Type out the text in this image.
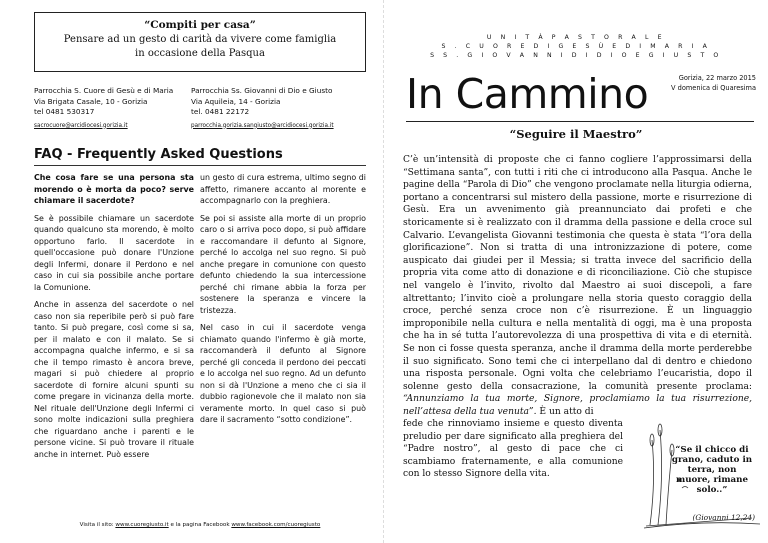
“Compiti per casa”
Pensare ad un gesto di carità da vivere come famiglia
in occasione della Pasqua
Parrocchia S. Cuore di Gesù e di Maria
Via Brigata Casale, 10 - Gorizia
tel 0481 530317
sacrocuore@arcidiocesi.gorizia.it
Parrocchia Ss. Giovanni di Dio e Giusto
Via Aquileia, 14 - Gorizia
tel. 0481 22172
parrocchia.gorizia.sangiusto@arcidiocesi.gorizia.it
FAQ - Frequently Asked Questions

Che cosa fare se una persona sta morendo o è morta da poco? serve chiamare il sacerdote?

Se è possibile chiamare un sacerdote quando qualcuno sta morendo, è molto opportuno farlo. Il sacerdote in quell'occasione può donare l'Unzione degli Infermi, donare il Perdono e nel caso in cui sia possibile anche portare la Comunione.

Anche in assenza del sacerdote o nel caso non sia reperibile però si può fare tanto. Si può pregare, così come si sa, per il malato e con il malato. Se si accompagna qualche infermo, e si sa che il tempo rimasto è ancora breve, magari si può chiedere al proprio sacerdote di fornire alcuni spunti su come pregare in vicinanza della morte. Nel rituale dell'Unzione degli Infermi ci sono molte indicazioni sulla preghiera che riguardano anche i parenti e le persone vicine. Si può trovare il rituale anche in internet. Può essere

un gesto di cura estrema, ultimo segno di affetto, rimanere accanto al morente e accompagnarlo con la preghiera.

Se poi si assiste alla morte di un proprio caro o si arriva poco dopo, si può affidare e raccomandare il defunto al Signore, perché lo accolga nel suo regno. Si può anche pregare in comunione con questo defunto chiedendo la sua intercessione perché chi rimane abbia la forza per sostenere la speranza e vincere la tristezza.

Nel caso in cui il sacerdote venga chiamato quando l'infermo è già morte, raccomanderà il defunto al Signore perché gli conceda il perdono dei peccati e lo accolga nel suo regno. Ad un defunto non si dà l'Unzione a meno che ci sia il dubbio ragionevole che il malato non sia veramente morto. In quel caso si può dare il sacramento “sotto condizione”.

Visita il sito: www.cuoregiusto.it e la pagina Facebook www.facebook.com/cuoregiusto
U N I T À P A S T O R A L E
S . C U O R E D I G E S Ù E D I M A R I A
S S . G I O V A N N I D I D I O E G I U S T O
In Cammino	Gorizia, 22 marzo 2015
V domenica di Quaresima
“Seguire il Maestro”
C’è un’intensità di proposte che ci fanno cogliere l’approssimarsi della “Settimana santa”, con tutti i riti che ci introducono alla Pasqua. Anche le pagine della “Parola di Dio” che vengono proclamate nella liturgia odierna, portano a concentrarsi sul mistero della passione, morte e risurrezione di Gesù. Era un avvenimento già preannunciato dai profeti e che storicamente si è realizzato con il dramma della passione e della croce sul Calvario. L’evangelista Giovanni testimonia che questa è stata “l’ora della glorificazione”. Non si tratta di una intronizzazione di potere, come auspicato dai giudei per il Messia; si tratta invece del sacrificio della propria vita come atto di donazione e di riconciliazione. Ciò che stupisce nel vangelo è l’invito, rivolto dal Maestro ai suoi discepoli, a fare altrettanto; l’invito cioè a prolungare nella storia questo coraggio della croce, perché senza croce non c’è risurrezione. È un linguaggio improponibile nella cultura e nella mentalità di oggi, ma è una proposta che ha in sé tutta l’autorevolezza di una prospettiva di vita e di eternità. Se non ci fosse questa speranza, anche il dramma della morte perderebbe il suo significato. Sono temi che ci interpellano dal di dentro e chiedono una risposta personale. Ogni volta che celebriamo l’eucaristia, dopo il solenne gesto della consacrazione, la comunità presente proclama: “Annunziamo la tua morte, Signore, proclamiamo la tua risurrezione, nell’attesa della tua venuta”. È un atto di
fede che rinnoviamo insieme e questo diventa preludio per dare significato alla preghiera del “Padre nostro”, al gesto di pace che ci scambiamo fraternamente, e alla comunione con lo stesso Signore della vita.
“Se il chicco di grano, caduto in terra, non muore, rimane solo..”
(Giovanni 12,24)
